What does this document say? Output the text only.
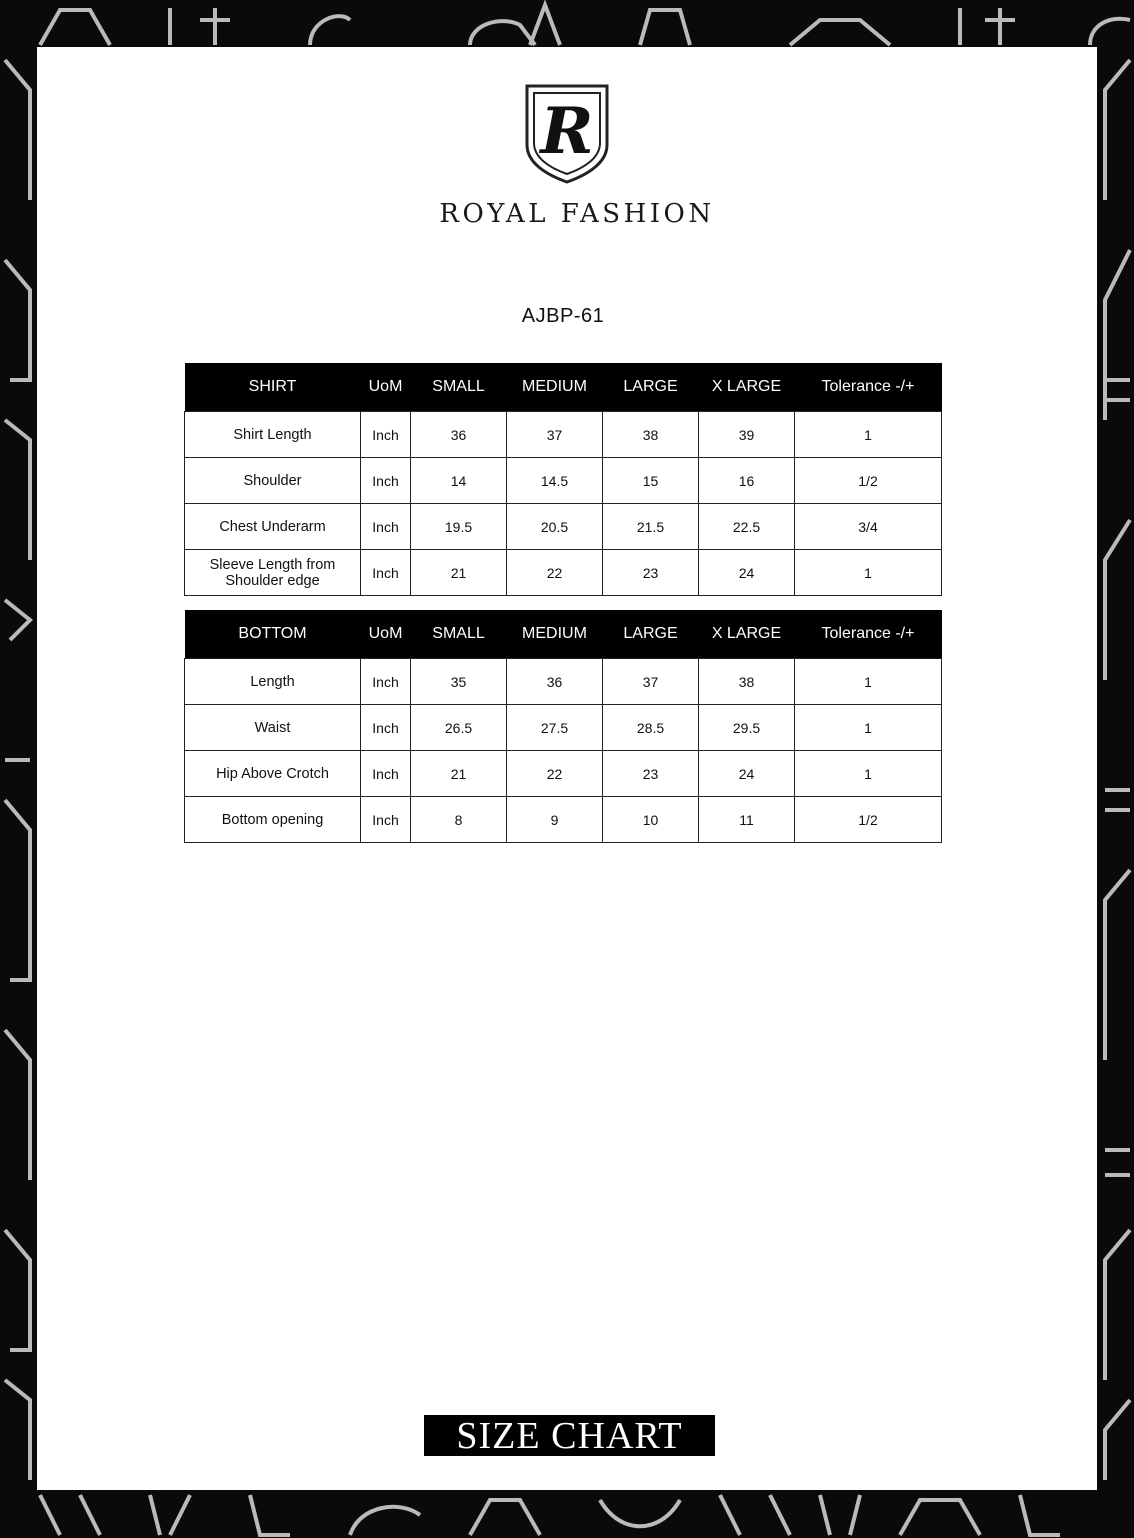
R
ROYAL FASHION
AJBP-61
SHIRT	UoM	SMALL	MEDIUM	LARGE	X LARGE	Tolerance -/+
Shirt Length	Inch	36	37	38	39	1
Shoulder	Inch	14	14.5	15	16	1/2
Chest Underarm	Inch	19.5	20.5	21.5	22.5	3/4
Sleeve Length from Shoulder edge	Inch	21	22	23	24	1
BOTTOM	UoM	SMALL	MEDIUM	LARGE	X LARGE	Tolerance -/+
Length	Inch	35	36	37	38	1
Waist	Inch	26.5	27.5	28.5	29.5	1
Hip Above Crotch	Inch	21	22	23	24	1
Bottom opening	Inch	8	9	10	11	1/2
SIZE CHART
